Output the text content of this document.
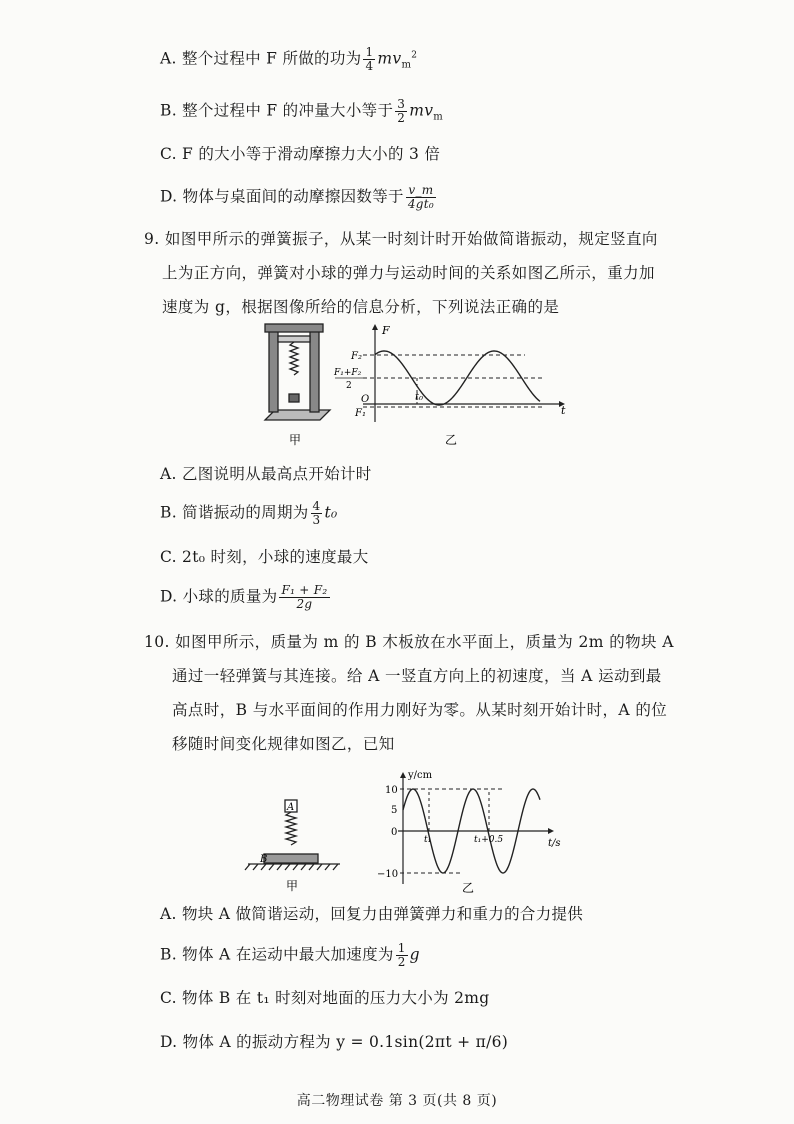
A. 整个过程中 F 所做的功为 $\frac{1}{4} mv_m^2$
B. 整个过程中 F 的冲量大小等于 $\frac{3}{2} mv_m$
C. F 的大小等于滑动摩擦力大小的 3 倍
D. 物体与桌面间的动摩擦因数等于 $\frac{v\_m}{\text{4gt₀}}$
9. 如图甲所示的弹簧振子，从某一时刻计时开始做简谐振动，规定竖直向
上为正方向，弹簧对小球的弹力与运动时间的关系如图乙所示，重力加
速度为 g，根据图像所给的信息分析，下列说法正确的是
甲
F
F₂
F₁+F₂
2
O
F₁
t₀
t
乙
A. 乙图说明从最高点开始计时
B. 简谐振动的周期为 $\frac{4}{3} t_0$
C. 2t₀ 时刻，小球的速度最大
D. 小球的质量为 $\frac{\text{F₁ + F₂}}{2g}$
10. 如图甲所示，质量为 m 的 B 木板放在水平面上，质量为 2m 的物块 A
通过一轻弹簧与其连接。给 A 一竖直方向上的初速度，当 A 运动到最
高点时，B 与水平面间的作用力刚好为零。从某时刻开始计时，A 的位
移随时间变化规律如图乙，已知
A
B
甲
y/cm
10
5
0
−10
t₁	t₁+0.5	t/s
乙
A. 物块 A 做简谐运动，回复力由弹簧弹力和重力的合力提供
B. 物体 A 在运动中最大加速度为 $\frac{1}{2}$ g
C. 物体 B 在 t₁ 时刻对地面的压力大小为 2mg
D. 物体 A 的振动方程为 y = 0.1sin(2πt + π/6)
高二物理试卷 第 3 页(共 8 页)
